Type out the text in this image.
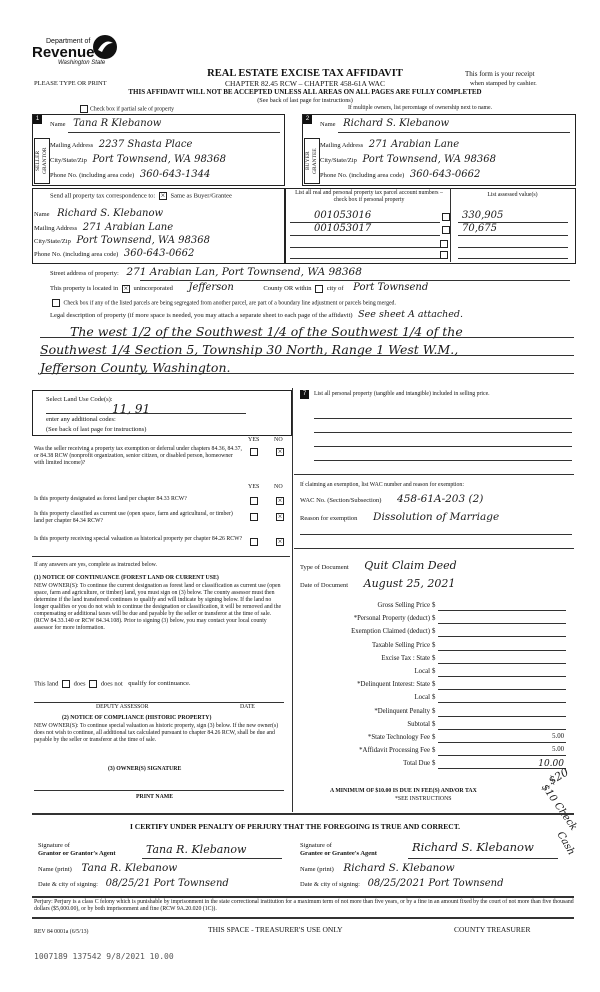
Department of
Revenue
Washington State
REAL ESTATE EXCISE TAX AFFIDAVIT
CHAPTER 82.45 RCW – CHAPTER 458-61A WAC
THIS AFFIDAVIT WILL NOT BE ACCEPTED UNLESS ALL AREAS ON ALL PAGES ARE FULLY COMPLETED
(See back of last page for instructions)
PLEASE TYPE OR PRINT
This form is your receipt
when stamped by cashier.
Check box if partial sale of property	If multiple owners, list percentage of ownership next to name.
1
SELLER GRANTOR
Name Tana R Klebanow
Mailing Address 2237 Shasta Place
City/State/Zip Port Townsend, WA 98368
Phone No. (including area code) 360-643-1344
2
BUYER GRANTEE
Name Richard S. Klebanow
Mailing Address 271 Arabian Lane
City/State/Zip Port Townsend, WA 98368
Phone No. (including area code) 360-643-0662
Send all property tax correspondence to: × Same as Buyer/Grantee
Name Richard S. Klebanow
Mailing Address 271 Arabian Lane
City/State/Zip Port Townsend, WA 98368
Phone No. (including area code) 360-643-0662
List all real and personal property tax parcel account numbers – check box if personal property
List assessed value(s)
001053016	330,905
001053017	70,675
Street address of property: 271 Arabian Lan, Port Townsend, WA 98368
This property is located in × unincorporated Jefferson	County OR within city of Port Townsend
Check box if any of the listed parcels are being segregated from another parcel, are part of a boundary line adjustment or parcels being merged.
Legal description of property (if more space is needed, you may attach a separate sheet to each page of the affidavit) See sheet A attached.
The west 1/2 of the Southwest 1/4 of the Southwest 1/4 of the
Southwest 1/4 Section 5, Township 30 North, Range 1 West W.M.,
Jefferson County, Washington.
Select Land Use Code(s):
11, 91
enter any additional codes:
(See back of last page for instructions)
YES NO
Was the seller receiving a property tax exemption or deferral under chapters 84.36, 84.37, or 84.38 RCW (nonprofit organization, senior citizen, or disabled person, homeowner with limited income)?
×
YES NO
Is this property designated as forest land per chapter 84.33 RCW?
×
Is this property classified as current use (open space, farm and agricultural, or timber) land per chapter 84.34 RCW?
×
Is this property receiving special valuation as historical property per chapter 84.26 RCW?
×
If any answers are yes, complete as instructed below.
(1) NOTICE OF CONTINUANCE (FOREST LAND OR CURRENT USE)
NEW OWNER(S): To continue the current designation as forest land or classification as current use (open space, farm and agriculture, or timber) land, you must sign on (3) below. The county assessor must then determine if the land transferred continues to qualify and will indicate by signing below. If the land no longer qualifies or you do not wish to continue the designation or classification, it will be removed and the compensating or additional taxes will be due and payable by the seller or transferor at the time of sale. (RCW 84.33.140 or RCW 84.34.108). Prior to signing (3) below, you may contact your local county assessor for more information.
This land does does not qualify for continuance.
DEPUTY ASSESSOR	DATE
(2) NOTICE OF COMPLIANCE (HISTORIC PROPERTY)
NEW OWNER(S): To continue special valuation as historic property, sign (3) below. If the new owner(s) does not wish to continue, all additional tax calculated pursuant to chapter 84.26 RCW, shall be due and payable by the seller or transferor at the time of sale.
(3) OWNER(S) SIGNATURE
PRINT NAME
7	List all personal property (tangible and intangible) included in selling price.
If claiming an exemption, list WAC number and reason for exemption:
WAC No. (Section/Subsection) 458-61A-203 (2)
Reason for exemption Dissolution of Marriage
Type of Document Quit Claim Deed
Date of Document August 25, 2021
Gross Selling Price $
*Personal Property (deduct) $
Exemption Claimed (deduct) $
Taxable Selling Price $
Excise Tax : State $
Local $
*Delinquent Interest: State $
Local $
*Delinquent Penalty $
Subtotal $
*State Technology Fee $	5.00
*Affidavit Processing Fee $	5.00
Total Due $	10.00
A MINIMUM OF $10.00 IS DUE IN FEE(S) AND/OR TAX
*SEE INSTRUCTIONS
$20
$10 Check
Cash
I CERTIFY UNDER PENALTY OF PERJURY THAT THE FOREGOING IS TRUE AND CORRECT.
Signature of
Grantor or Grantor's Agent	Tana R. Klebanow
Name (print) Tana R. Klebanow
Date & city of signing: 08/25/21 Port Townsend
Signature of
Grantee or Grantee's Agent	Richard S. Klebanow
Name (print) Richard S. Klebanow
Date & city of signing: 08/25/2021 Port Townsend
Perjury: Perjury is a class C felony which is punishable by imprisonment in the state correctional institution for a maximum term of not more than five years, or by a fine in an amount fixed by the court of not more than five thousand dollars ($5,000.00), or by both imprisonment and fine (RCW 9A.20.020 (1C)).
REV 84 0001a (6/5/13)	THIS SPACE - TREASURER'S USE ONLY	COUNTY TREASURER
1007189 137542 9/8/2021 10.00
